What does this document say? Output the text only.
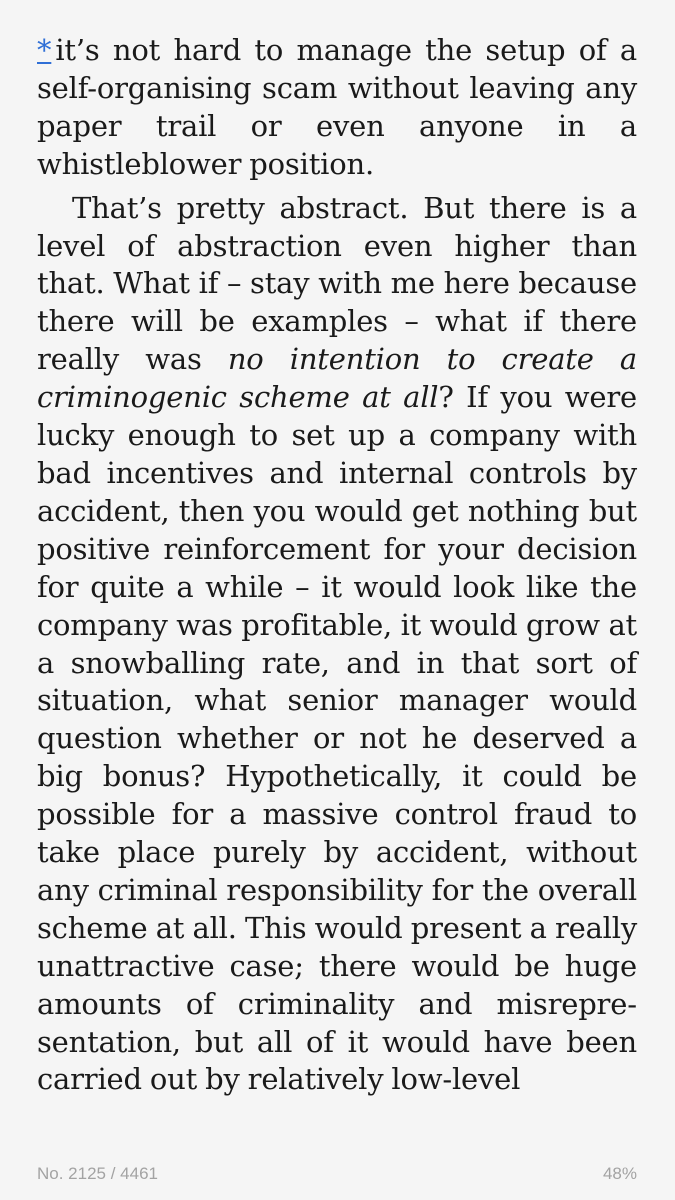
* it’s not hard to manage the setup of a self-organising scam without leaving any paper trail or even anyone in a whistleblower position.

That’s pretty abstract. But there is a level of abstraction even higher than that. What if – stay with me here because there will be examples – what if there really was no intention to create a criminogenic scheme at all? If you were lucky enough to set up a company with bad incentives and internal controls by accident, then you would get nothing but positive reinforcement for your decision for quite a while – it would look like the company was profitable, it would grow at a snowballing rate, and in that sort of situation, what senior manager would question whether or not he deserved a big bonus? Hypothetically, it could be possible for a massive control fraud to take place purely by accident, without any criminal responsibility for the overall scheme at all. This would present a really unattractive case; there would be huge amounts of criminality and misrepresentation, but all of it would have been carried out by relatively low-level

No. 2125 / 4461	48%
